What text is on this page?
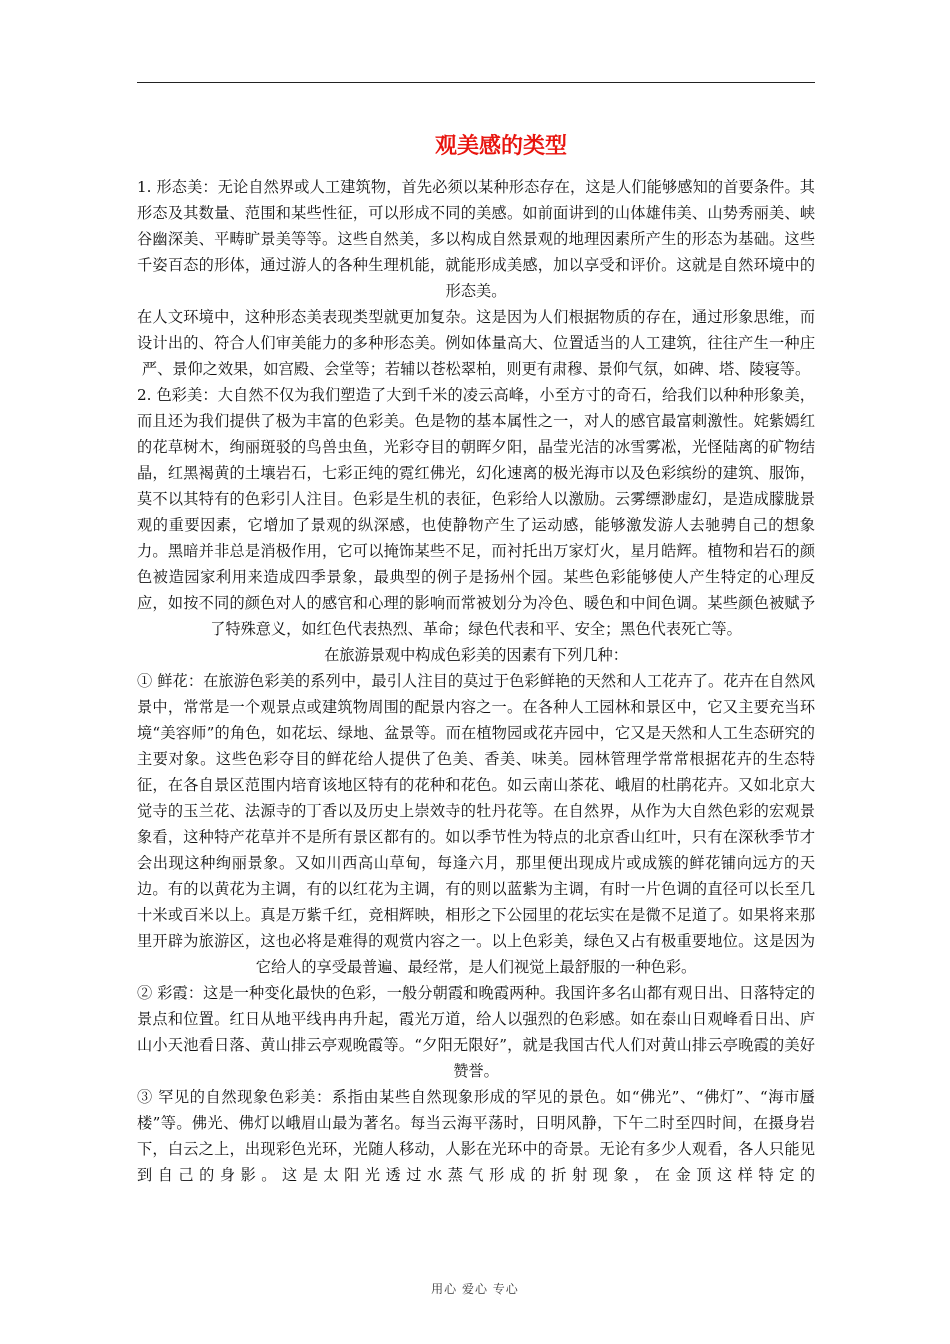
观美感的类型

1. 形态美：无论自然界或人工建筑物，首先必须以某种形态存在，这是人们能够感知的首要条件。其形态及其数量、范围和某些性征，可以形成不同的美感。如前面讲到的山体雄伟美、山势秀丽美、峡谷幽深美、平畴旷景美等等。这些自然美，多以构成自然景观的地理因素所产生的形态为基础。这些千姿百态的形体，通过游人的各种生理机能，就能形成美感，加以享受和评价。这就是自然环境中的形态美。

在人文环境中，这种形态美表现类型就更加复杂。这是因为人们根据物质的存在，通过形象思维，而设计出的、符合人们审美能力的多种形态美。例如体量高大、位置适当的人工建筑，往往产生一种庄严、景仰之效果，如宫殿、会堂等；若辅以苍松翠柏，则更有肃穆、景仰气氛，如碑、塔、陵寝等。

2. 色彩美：大自然不仅为我们塑造了大到千米的凌云高峰，小至方寸的奇石，给我们以种种形象美，而且还为我们提供了极为丰富的色彩美。色是物的基本属性之一，对人的感官最富刺激性。姹紫嫣红的花草树木，绚丽斑驳的鸟兽虫鱼，光彩夺目的朝晖夕阳，晶莹光洁的冰雪雾凇，光怪陆离的矿物结晶，红黑褐黄的土壤岩石，七彩正纯的霓红佛光，幻化速离的极光海市以及色彩缤纷的建筑、服饰，莫不以其特有的色彩引人注目。色彩是生机的表征，色彩给人以激励。云雾缥渺虚幻，是造成朦胧景观的重要因素，它增加了景观的纵深感，也使静物产生了运动感，能够激发游人去驰骋自己的想象力。黑暗并非总是消极作用，它可以掩饰某些不足，而衬托出万家灯火，星月皓辉。植物和岩石的颜色被造园家利用来造成四季景象，最典型的例子是扬州个园。某些色彩能够使人产生特定的心理反应，如按不同的颜色对人的感官和心理的影响而常被划分为冷色、暖色和中间色调。某些颜色被赋予了特殊意义，如红色代表热烈、革命；绿色代表和平、安全；黑色代表死亡等。

在旅游景观中构成色彩美的因素有下列几种：

① 鲜花：在旅游色彩美的系列中，最引人注目的莫过于色彩鲜艳的天然和人工花卉了。花卉在自然风景中，常常是一个观景点或建筑物周围的配景内容之一。在各种人工园林和景区中，它又主要充当环境“美容师”的角色，如花坛、绿地、盆景等。而在植物园或花卉园中，它又是天然和人工生态研究的主要对象。这些色彩夺目的鲜花给人提供了色美、香美、味美。园林管理学常常根据花卉的生态特征，在各自景区范围内培育该地区特有的花种和花色。如云南山茶花、峨眉的杜鹃花卉。又如北京大觉寺的玉兰花、法源寺的丁香以及历史上崇效寺的牡丹花等。在自然界，从作为大自然色彩的宏观景象看，这种特产花草并不是所有景区都有的。如以季节性为特点的北京香山红叶，只有在深秋季节才会出现这种绚丽景象。又如川西高山草甸，每逢六月，那里便出现成片或成簇的鲜花铺向远方的天边。有的以黄花为主调，有的以红花为主调，有的则以蓝紫为主调，有时一片色调的直径可以长至几十米或百米以上。真是万紫千红，竞相辉映，相形之下公园里的花坛实在是微不足道了。如果将来那里开辟为旅游区，这也必将是难得的观赏内容之一。以上色彩美，绿色又占有极重要地位。这是因为它给人的享受最普遍、最经常，是人们视觉上最舒服的一种色彩。

② 彩霞：这是一种变化最快的色彩，一般分朝霞和晚霞两种。我国许多名山都有观日出、日落特定的景点和位置。红日从地平线冉冉升起，霞光万道，给人以强烈的色彩感。如在泰山日观峰看日出、庐山小天池看日落、黄山排云亭观晚霞等。“夕阳无限好”，就是我国古代人们对黄山排云亭晚霞的美好赞誉。

③ 罕见的自然现象色彩美：系指由某些自然现象形成的罕见的景色。如“佛光”、“佛灯”、“海市蜃楼”等。佛光、佛灯以峨眉山最为著名。每当云海平荡时，日明风静，下午二时至四时间，在摄身岩下，白云之上，出现彩色光环，光随人移动，人影在光环中的奇景。无论有多少人观看，各人只能见到自己的身影。这是太阳光透过水蒸气形成的折射现象，在金顶这样特定的

用心 爱心 专心
